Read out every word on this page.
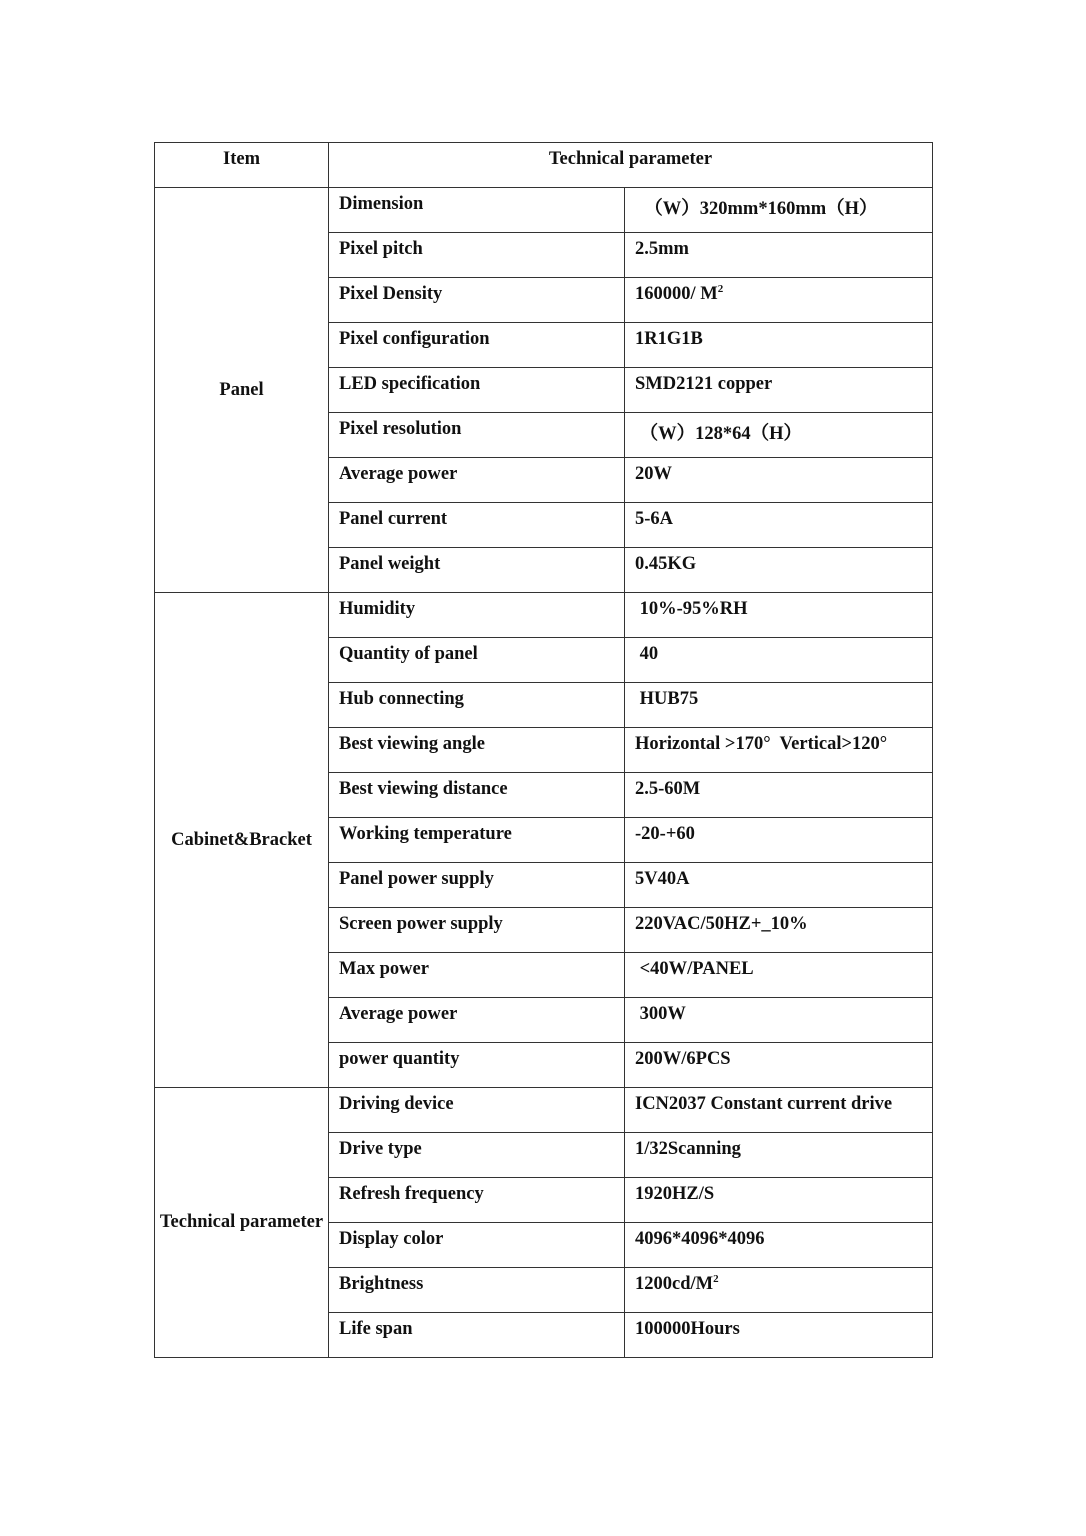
Item	Technical parameter	
Panel	Dimension	（W）320mm*160mm（H）
	Pixel pitch	2.5mm
	Pixel Density	160000/ $M^2$
	Pixel configuration	1R1G1B
	LED specification	SMD2121 copper
	Pixel resolution	（W）128*64（H）
	Average power	20W
	Panel current	5-6A
	Panel weight	0.45KG
Cabinet&Bracket	Humidity	10%-95%RH
	Quantity of panel	40
	Hub connecting	HUB75
	Best viewing angle	Horizontal >170°  Vertical>120°
	Best viewing distance	2.5-60M
	Working temperature	-20-+60
	Panel power supply	5V40A
	Screen power supply	220VAC/50HZ+_10%
	Max power	<40W/PANEL
	Average power	300W
	power quantity	200W/6PCS
Technical parameter	Driving device	ICN2037 Constant current drive
	Drive type	1/32Scanning
	Refresh frequency	1920HZ/S
	Display color	4096*4096*4096
	Brightness	$1200cd/M^2$
	Life span	100000Hours
